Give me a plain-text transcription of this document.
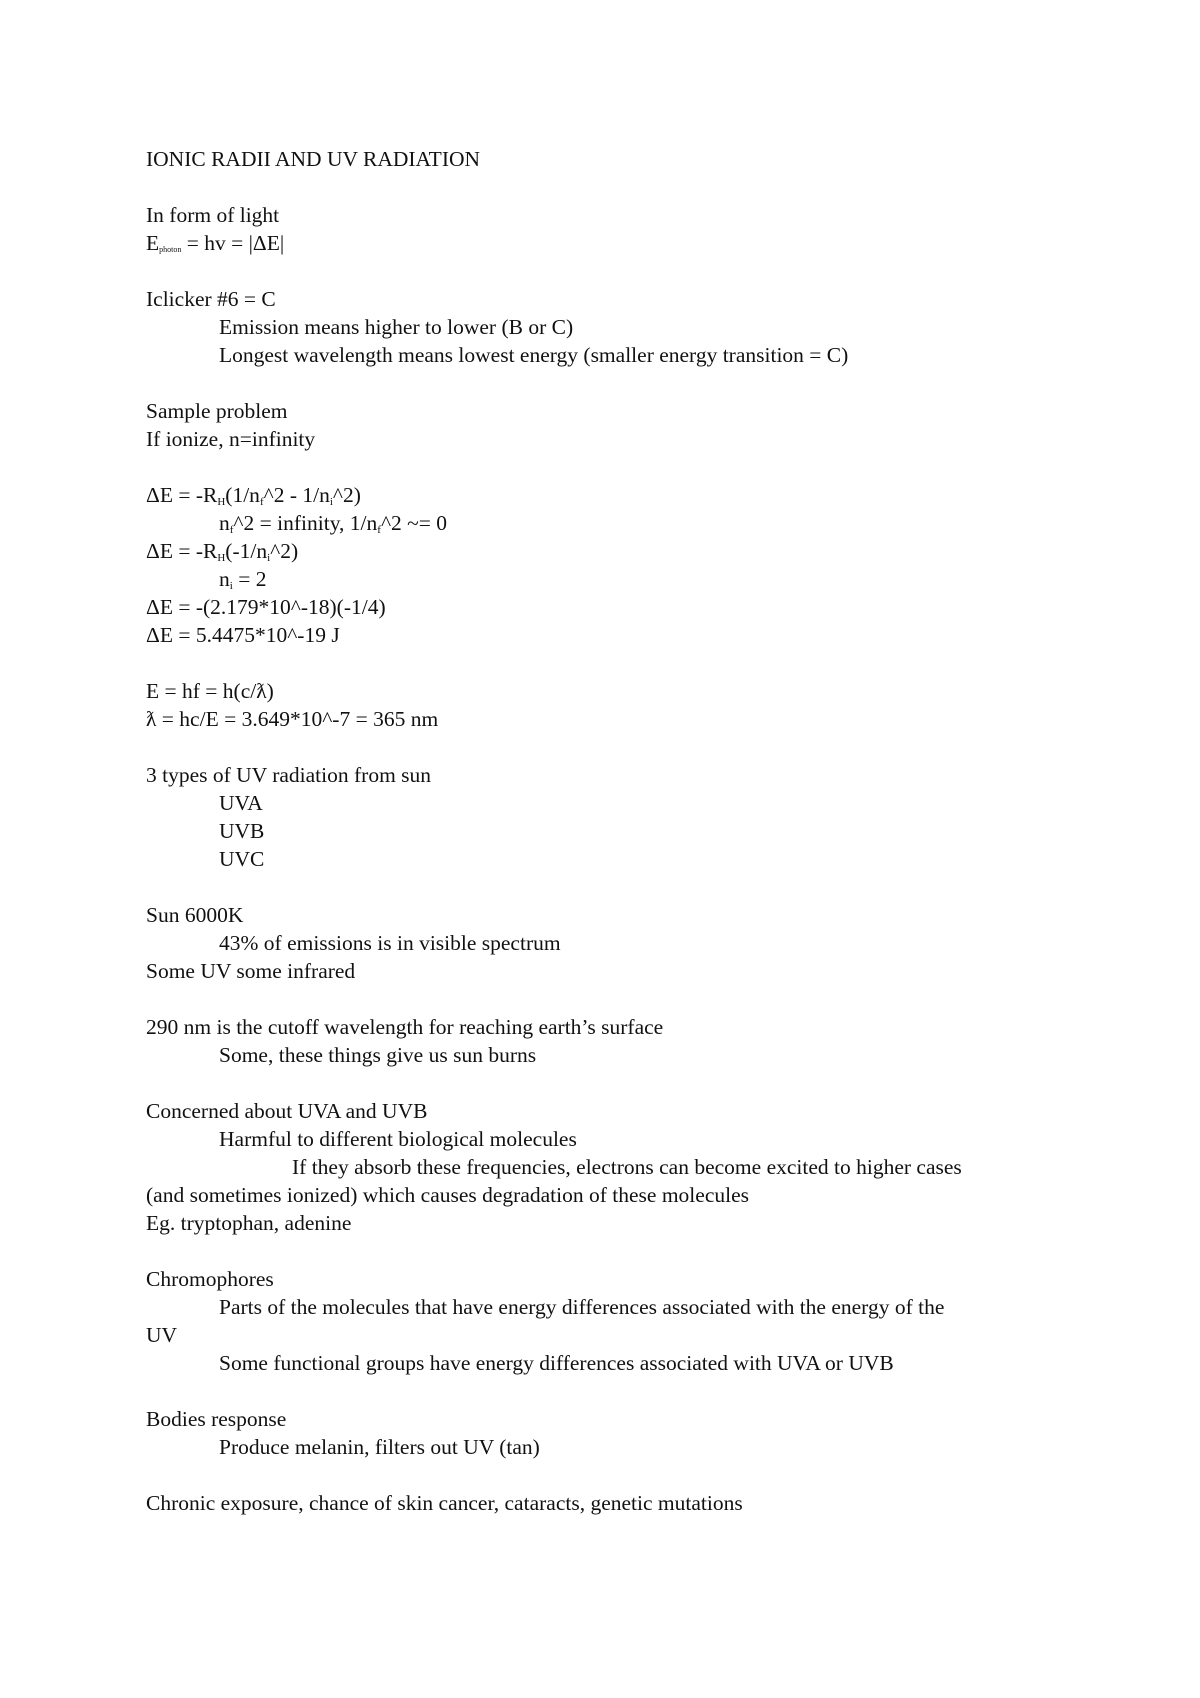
IONIC RADII AND UV RADIATION
In form of light
$E_{photon}$ = hv = |ΔE|
Iclicker #6 = C
Emission means higher to lower (B or C)
Longest wavelength means lowest energy (smaller energy transition = C)
Sample problem
If ionize, n=infinity
$\Delta E = -R_H(1/n_f\^{}2$ - $1/n_i\^{}2$)
$n_f\^{}2$ = infinity, $1/n_f\^{}2$ ~= 0
$\Delta E = -R_H(-1/n_i\^{}2)$
$n_i = 2$
ΔE = -(2.179*10^-18)(-1/4)
ΔE = 5.4475*10^-19 J
E = hf = h(c/ƛ)
ƛ = hc/E = 3.649*10^-7 = 365 nm
3 types of UV radiation from sun
UVA
UVB
UVC
Sun 6000K
43% of emissions is in visible spectrum
Some UV some infrared
290 nm is the cutoff wavelength for reaching earth’s surface
Some, these things give us sun burns
Concerned about UVA and UVB
Harmful to different biological molecules
If they absorb these frequencies, electrons can become excited to higher cases
(and sometimes ionized) which causes degradation of these molecules
Eg. tryptophan, adenine
Chromophores
Parts of the molecules that have energy differences associated with the energy of the
UV
Some functional groups have energy differences associated with UVA or UVB
Bodies response
Produce melanin, filters out UV (tan)
Chronic exposure, chance of skin cancer, cataracts, genetic mutations
